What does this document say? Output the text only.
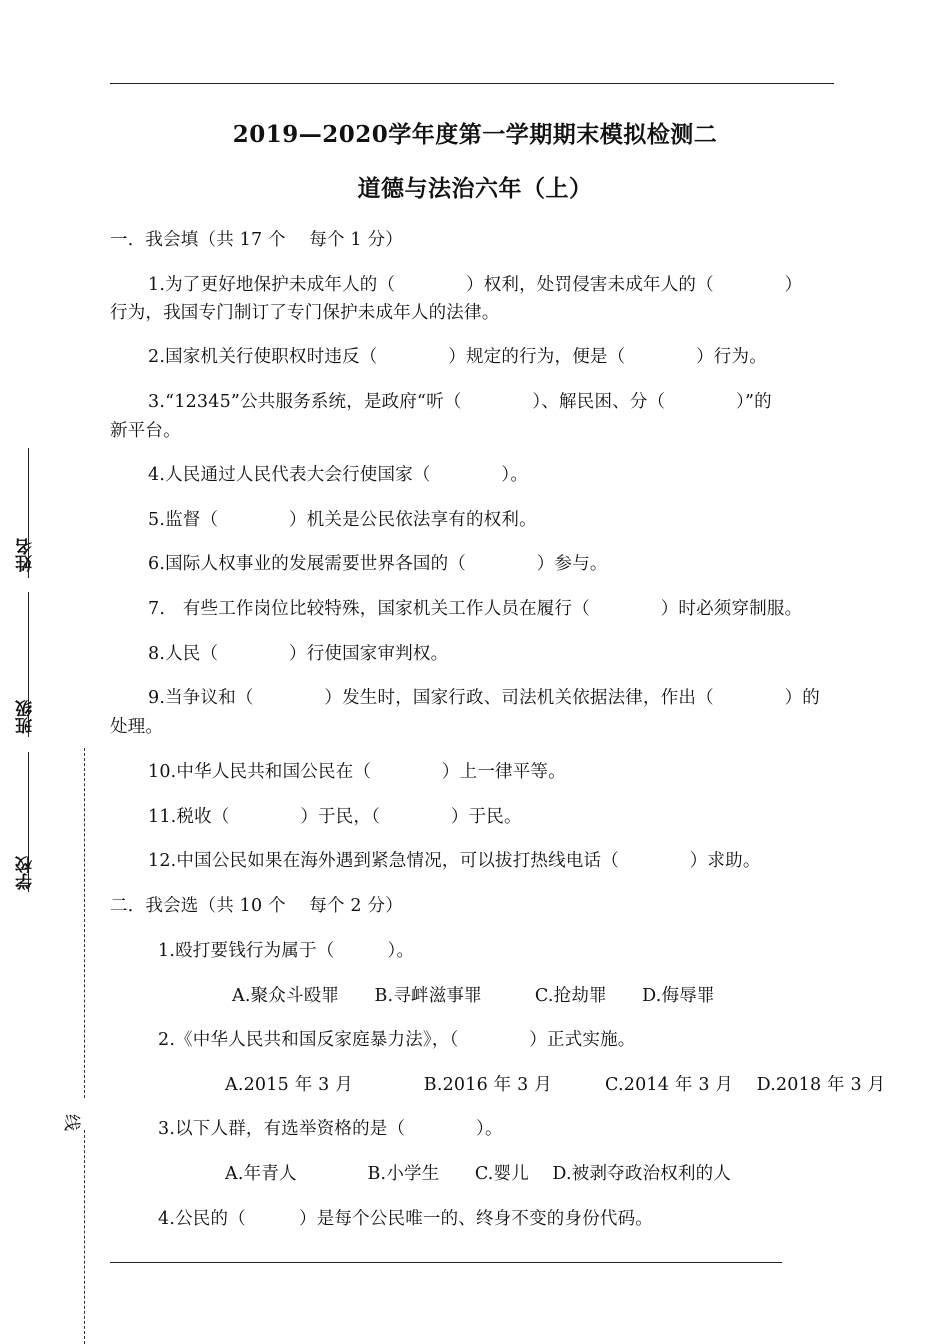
2019—2020学年度第一学期期末模拟检测二
道德与法治六年（上）
姓名
班级
学校
线
一．我会填（共 17 个　 每个 1 分）
1.为了更好地保护未成年人的（　　　　）权利，处罚侵害未成年人的（　　　　）
行为，我国专门制订了专门保护未成年人的法律。
2.国家机关行使职权时违反（　　　　）规定的行为，便是（　　　　）行为。
3.“12345”公共服务系统，是政府“听（　　　　）、解民困、分（　　　　）”的
新平台。
4.人民通过人民代表大会行使国家（　　　　）。
5.监督（　　　　）机关是公民依法享有的权利。
6.国际人权事业的发展需要世界各国的（　　　　）参与。
7.　有些工作岗位比较特殊，国家机关工作人员在履行（　　　　）时必须穿制服。
8.人民（　　　　）行使国家审判权。
9.当争议和（　　　　）发生时，国家行政、司法机关依据法律，作出（　　　　）的
处理。
10.中华人民共和国公民在（　　　　）上一律平等。
11.税收（　　　　）于民，（　　　　）于民。
12.中国公民如果在海外遇到紧急情况，可以拔打热线电话（　　　　）求助。
二．我会选（共 10 个　 每个 2 分）
1.殴打要钱行为属于（　　　）。
A.聚众斗殴罪　　B.寻衅滋事罪　　　C.抢劫罪　　D.侮辱罪
2.《中华人民共和国反家庭暴力法》，（　　　　）正式实施。
A.2015 年 3 月　　　　B.2016 年 3 月　　　C.2014 年 3 月　 D.2018 年 3 月
3.以下人群，有选举资格的是（　　　　）。
A.年青人　　　　B.小学生　　C.婴儿　 D.被剥夺政治权利的人
4.公民的（　　　）是每个公民唯一的、终身不变的身份代码。
